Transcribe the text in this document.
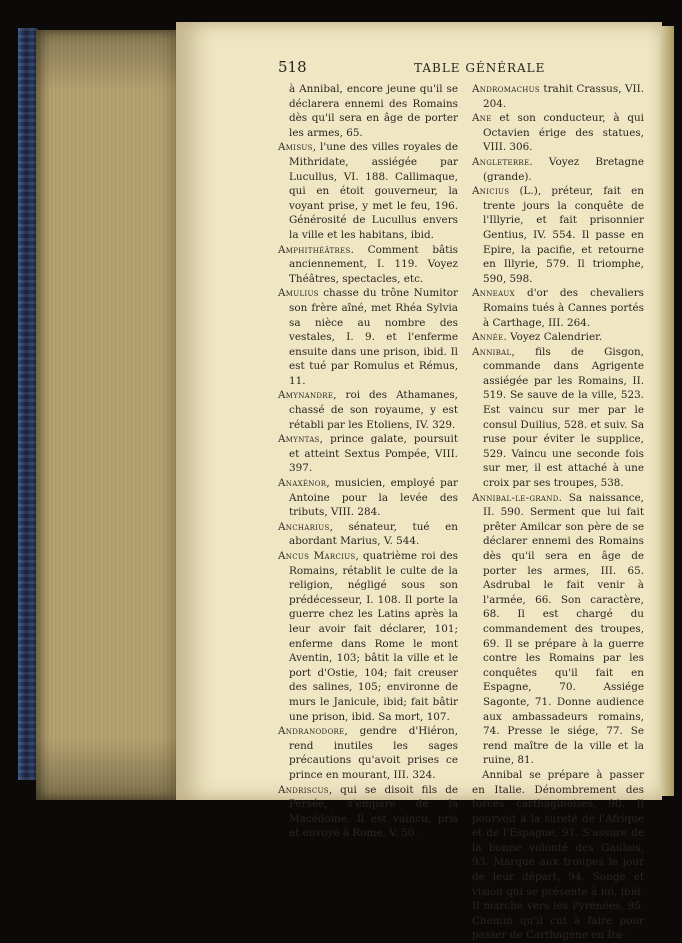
518	TABLE GÉNÉRALE
à Annibal, encore jeune qu'il se déclarera ennemi des Romains dès qu'il sera en âge de porter les armes, 65.
Amisus, l'une des villes royales de Mithridate, assiégée par Lucullus, VI. 188. Callimaque, qui en étoit gouverneur, la voyant prise, y met le feu, 196. Générosité de Lucullus envers la ville et les habitans, ibid.
Amphithéâtres. Comment bâtis anciennement, I. 119. Voyez Théâtres, spectacles, etc.
Amulius chasse du trône Numitor son frère aîné, met Rhéa Sylvia sa nièce au nombre des vestales, I. 9. et l'enferme ensuite dans une prison, ibid. Il est tué par Romulus et Rémus, 11.
Amynandre, roi des Athamanes, chassé de son royaume, y est rétabli par les Etoliens, IV. 329.
Amyntas, prince galate, poursuit et atteint Sextus Pompée, VIII. 397.
Anaxénor, musicien, employé par Antoine pour la levée des tributs, VIII. 284.
Ancharius, sénateur, tué en abordant Marius, V. 544.
Ancus Marcius, quatrième roi des Romains, rétablit le culte de la religion, négligé sous son prédécesseur, I. 108. Il porte la guerre chez les Latins après la leur avoir fait déclarer, 101; enferme dans Rome le mont Aventin, 103; bâtit la ville et le port d'Ostie, 104; fait creuser des salines, 105; environne de murs le Janicule, ibid; fait bâtir une prison, ibid. Sa mort, 107.
Andranodore, gendre d'Hiéron, rend inutiles les sages précautions qu'avoit prises ce prince en mourant, III. 324.
Andriscus, qui se disoit fils de Persée, s'empare de la Macédoine. Il est vaincu, pris et envoyé à Rome, V. 50.
Andromachus trahit Crassus, VII. 204.
Ane et son conducteur, à qui Octavien érige des statues, VIII. 306.
Angleterre. Voyez Bretagne (grande).
Anicius (L.), préteur, fait en trente jours la conquête de l'Illyrie, et fait prisonnier Gentius, IV. 554. Il passe en Epire, la pacifie, et retourne en Illyrie, 579. Il triomphe, 590, 598.
Anneaux d'or des chevaliers Romains tués à Cannes portés à Carthage, III. 264.
Année. Voyez Calendrier.
Annibal, fils de Gisgon, commande dans Agrigente assiégée par les Romains, II. 519. Se sauve de la ville, 523. Est vaincu sur mer par le consul Duilius, 528. et suiv. Sa ruse pour éviter le supplice, 529. Vaincu une seconde fois sur mer, il est attaché à une croix par ses troupes, 538.
Annibal-le-grand. Sa naissance, II. 590. Serment que lui fait prêter Amilcar son père de se déclarer ennemi des Romains dès qu'il sera en âge de porter les armes, III. 65. Asdrubal le fait venir à l'armée, 66. Son caractère, 68. Il est chargé du commandement des troupes, 69. Il se prépare à la guerre contre les Romains par les conquêtes qu'il fait en Espagne, 70. Assiége Sagonte, 71. Donne audience aux ambassadeurs romains, 74. Presse le siége, 77. Se rend maître de la ville et la ruine, 81.
Annibal se prépare à passer en Italie. Dénombrement des forces carthaginoises, 90. Il pourvoit à la sureté de l'Afrique et de l'Espagne, 91. S'assure de la bonne volonté des Gaulois, 93. Marque aux troupes le jour de leur départ, 94. Songe et vision qui se présente à lui, ibid. Il marche vers les Pyrénées, 95. Chemin qu'il cut à faire pour passer de Carthagène en Ita-
